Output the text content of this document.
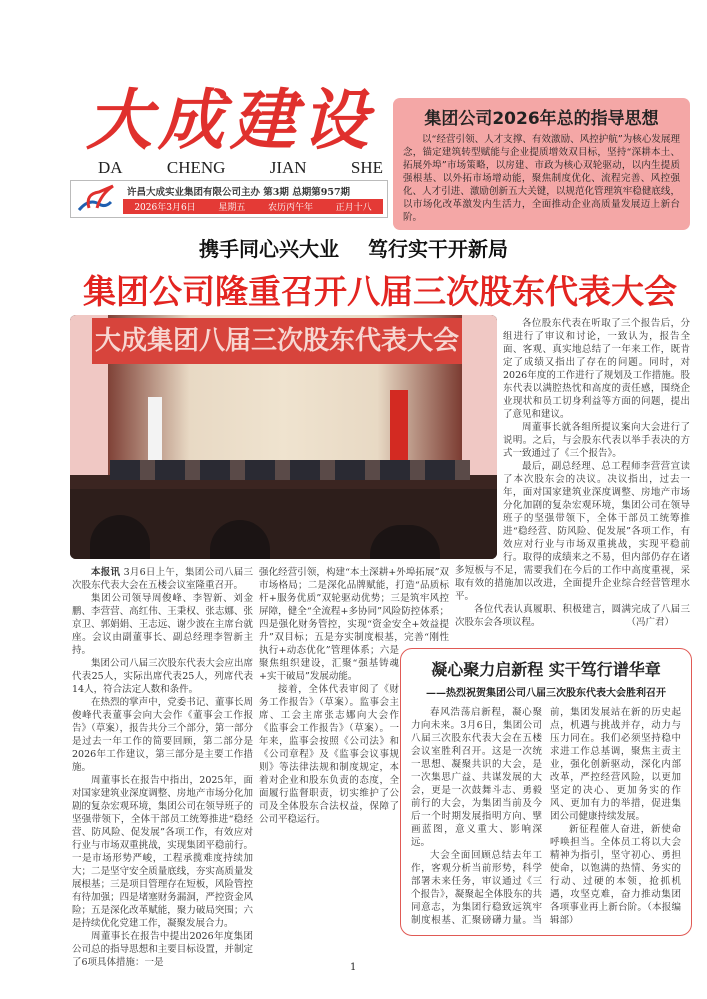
大成建设
DA	CHENG	JIAN	SHE
许昌大成实业集团有限公司主办 第3期 总期第957期
2026年3月6日	星期五	农历丙午年	正月十八
集团公司2026年总的指导思想

以“经营引领、人才支撑、有效激励、风控护航”为核心发展理念，锚定建筑转型赋能与企业提质增效双目标，坚持“深耕本土、拓展外埠”市场策略，以房建、市政为核心双轮驱动，以内生提质强根基、以外拓市场增动能，聚焦制度优化、流程完善、风控强化、人才引进、激励创新五大关键，以规范化管理筑牢稳健底线，以市场化改革激发内生活力，全面推动企业高质量发展迈上新台阶。

携手同心兴大业 笃行实干开新局
集团公司隆重召开八届三次股东代表大会
大成集团八届三次股东代表大会

各位股东代表在听取了三个报告后，分组进行了审议和讨论，一致认为，报告全面、客观、真实地总结了一年来工作，既肯定了成绩又指出了存在的问题。同时，对2026年度的工作进行了规划及工作措施。股东代表以满腔热忱和高度的责任感，围绕企业现状和员工切身利益等方面的问题，提出了意见和建议。

周董事长就各组所提议案向大会进行了说明。之后，与会股东代表以举手表决的方式一致通过了《三个报告》。

最后，副总经理、总工程师李营营宣读了本次股东会的决议。决议指出，过去一年，面对国家建筑业深度调整、房地产市场分化加剧的复杂宏观环境，集团公司在领导班子的坚强带领下，全体干部员工统筹推进“稳经营、防风险、促发展”各项工作，有效应对行业与市场双重挑战，实现平稳前行。取得的成绩来之不易，但内部仍存在诸多短板与不足，需要我们在今后的工作中高度重视，采取有效的措施加以改进，全面提升企业综合经营管理水平。

各位代表认真履职、积极建言，圆满完成了八届三次股东会各项议程。	（冯广君）

本报讯 3月6日上午，集团公司八届三次股东代表大会在五楼会议室隆重召开。

集团公司领导周俊峰、李智新、刘金鹏、李营营、高红伟、王秉权、张志娜、张京卫、郭娟娟、王志远、谢少波在主席台就座。会议由副董事长、副总经理李智新主持。

集团公司八届三次股东代表大会应出席代表25人，实际出席代表25人，列席代表14人，符合法定人数和条件。

在热烈的掌声中，党委书记、董事长周俊峰代表董事会向大会作《董事会工作报告》（草案），报告共分三个部分，第一部分是过去一年工作的简要回顾，第二部分是2026年工作建议，第三部分是主要工作措施。

周董事长在报告中指出，2025年，面对国家建筑业深度调整、房地产市场分化加剧的复杂宏观环境，集团公司在领导班子的坚强带领下，全体干部员工统筹推进“稳经营、防风险、促发展”各项工作，有效应对行业与市场双重挑战，实现集团平稳前行。一是市场形势严峻，工程承揽难度持续加大；二是坚守安全质量底线，夯实高质量发展根基；三是项目管理存在短板，风险管控有待加强；四是堵塞财务漏洞，严控资金风险；五是深化改革赋能，聚力破局突围；六是持续优化党建工作，凝聚发展合力。

周董事长在报告中提出2026年度集团公司总的指导思想和主要目标设置，并制定了6项具体措施：一是

强化经营引领，构建“本土深耕+外埠拓展”双市场格局；二是深化品牌赋能，打造“品质标杆+服务优质”双轮驱动优势；三是筑牢风控屏障，健全“全流程+多协同”风险防控体系；四是强化财务管控，实现“资金安全+效益提升”双目标；五是夯实制度根基，完善“刚性执行+动态优化”管理体系；六是聚焦组织建设，汇聚“强基铸魂+实干破局”发展动能。

接着，全体代表审阅了《财务工作报告》（草案）。监事会主席、工会主席张志娜向大会作《监事会工作报告》（草案）。一年来，监事会按照《公司法》和《公司章程》及《监事会议事规则》等法律法规和制度规定，本着对企业和股东负责的态度，全面履行监督职责，切实维护了公司及全体股东合法权益，保障了公司平稳运行。

凝心聚力启新程 实干笃行谱华章
——热烈祝贺集团公司八届三次股东代表大会胜利召开

春风浩荡启新程，凝心聚力向未来。3月6日，集团公司八届三次股东代表大会在五楼会议室胜利召开。这是一次统一思想、凝聚共识的大会，是一次集思广益、共谋发展的大会，更是一次鼓舞斗志、勇毅前行的大会，为集团当前及今后一个时期发展指明方向、擘画蓝图，意义重大、影响深远。

大会全面回顾总结去年工作，客观分析当前形势，科学部署未来任务，审议通过《三个报告》，凝聚起全体股东的共同意志，为集团行稳致远筑牢制度根基、汇聚磅礴力量。当前，集团发展站在新的历史起点，机遇与挑战并存，动力与压力同在。我们必须坚持稳中求进工作总基调，聚焦主责主业，强化创新驱动，深化内部改革，严控经营风险，以更加坚定的决心、更加务实的作风、更加有力的举措，促进集团公司健康持续发展。

新征程催人奋进，新使命呼唤担当。全体员工将以大会精神为指引，坚守初心、勇担使命，以饱满的热情、务实的行动、过硬的本领，抢抓机遇，攻坚克难，奋力推动集团各项事业再上新台阶。（本报编辑部）

1
